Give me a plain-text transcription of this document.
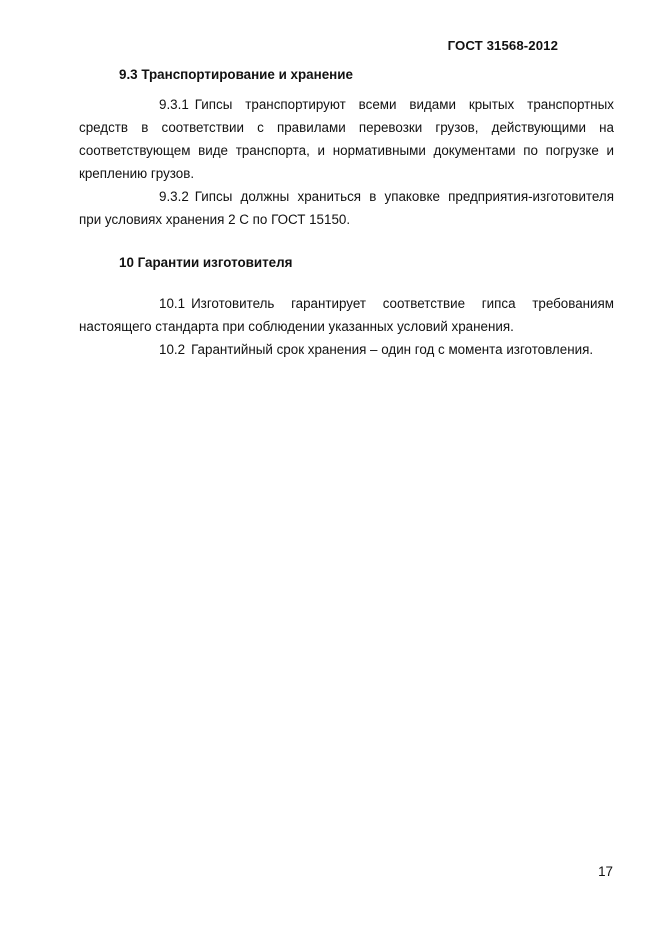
ГОСТ 31568-2012

9.3 Транспортирование и хранение

9.3.1 Гипсы транспортируют всеми видами крытых транспортных средств в соответствии с правилами перевозки грузов, действующими на соответствующем виде транспорта, и нормативными документами по погрузке и креплению грузов.

9.3.2 Гипсы должны храниться в упаковке предприятия-изготовителя при условиях хранения 2 С по ГОСТ 15150.

10 Гарантии изготовителя

10.1 Изготовитель гарантирует соответствие гипса требованиям настоящего стандарта при соблюдении указанных условий хранения.

10.2 Гарантийный срок хранения – один год с момента изготовления.

17
